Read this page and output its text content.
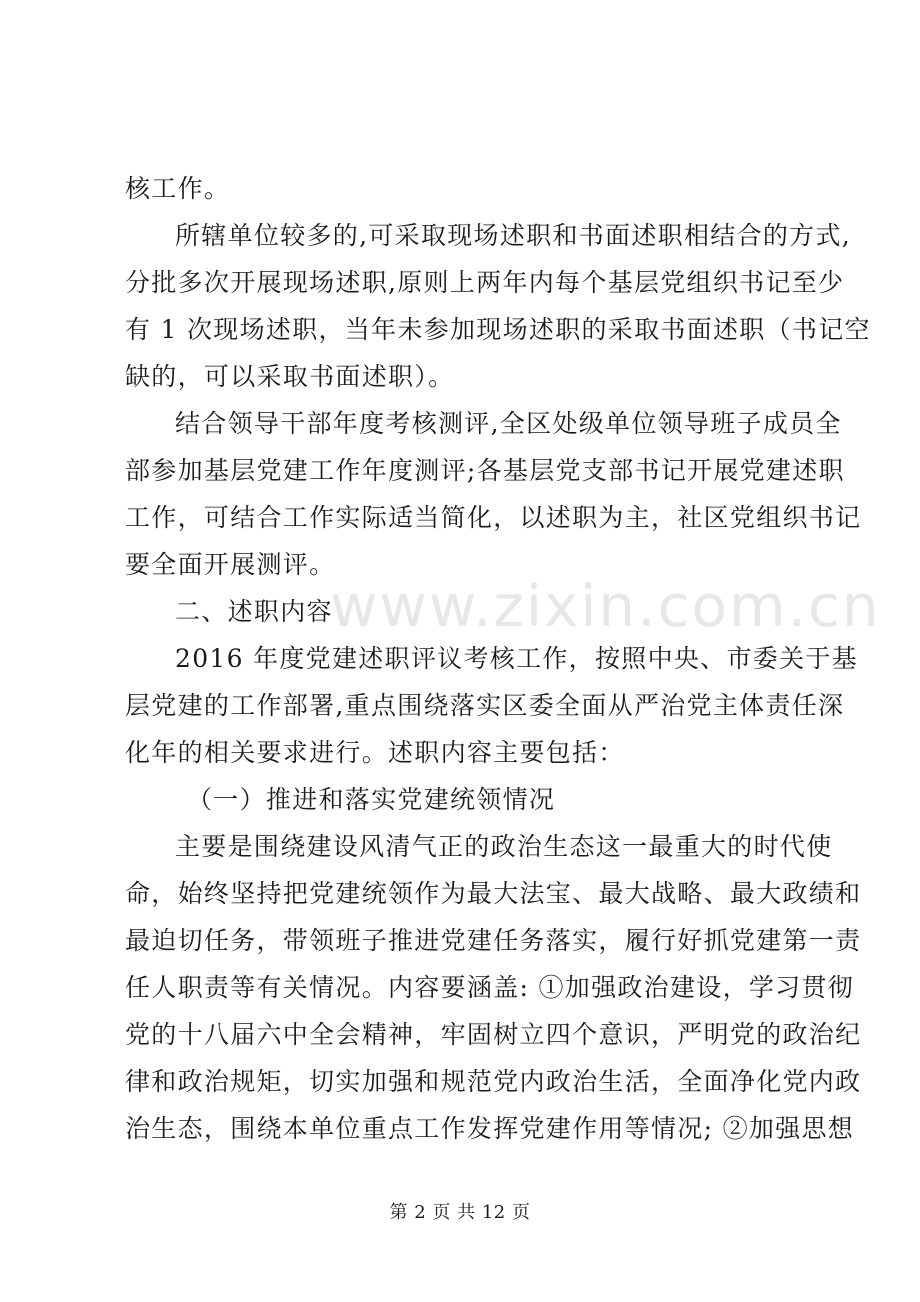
www.zixin.com.cn
核工作。
所辖单位较多的,可采取现场述职和书面述职相结合的方式,
分批多次开展现场述职,原则上两年内每个基层党组织书记至少
有 1 次现场述职，当年未参加现场述职的采取书面述职（书记空
缺的，可以采取书面述职）。
结合领导干部年度考核测评,全区处级单位领导班子成员全
部参加基层党建工作年度测评;各基层党支部书记开展党建述职
工作，可结合工作实际适当简化，以述职为主，社区党组织书记
要全面开展测评。
二、述职内容
2016 年度党建述职评议考核工作，按照中央、市委关于基
层党建的工作部署,重点围绕落实区委全面从严治党主体责任深
化年的相关要求进行。述职内容主要包括：
（一）推进和落实党建统领情况
主要是围绕建设风清气正的政治生态这一最重大的时代使
命，始终坚持把党建统领作为最大法宝、最大战略、最大政绩和
最迫切任务，带领班子推进党建任务落实，履行好抓党建第一责
任人职责等有关情况。内容要涵盖: ①加强政治建设，学习贯彻
党的十八届六中全会精神，牢固树立四个意识，严明党的政治纪
律和政治规矩，切实加强和规范党内政治生活，全面净化党内政
治生态，围绕本单位重点工作发挥党建作用等情况; ②加强思想
第 2 页 共 12 页
